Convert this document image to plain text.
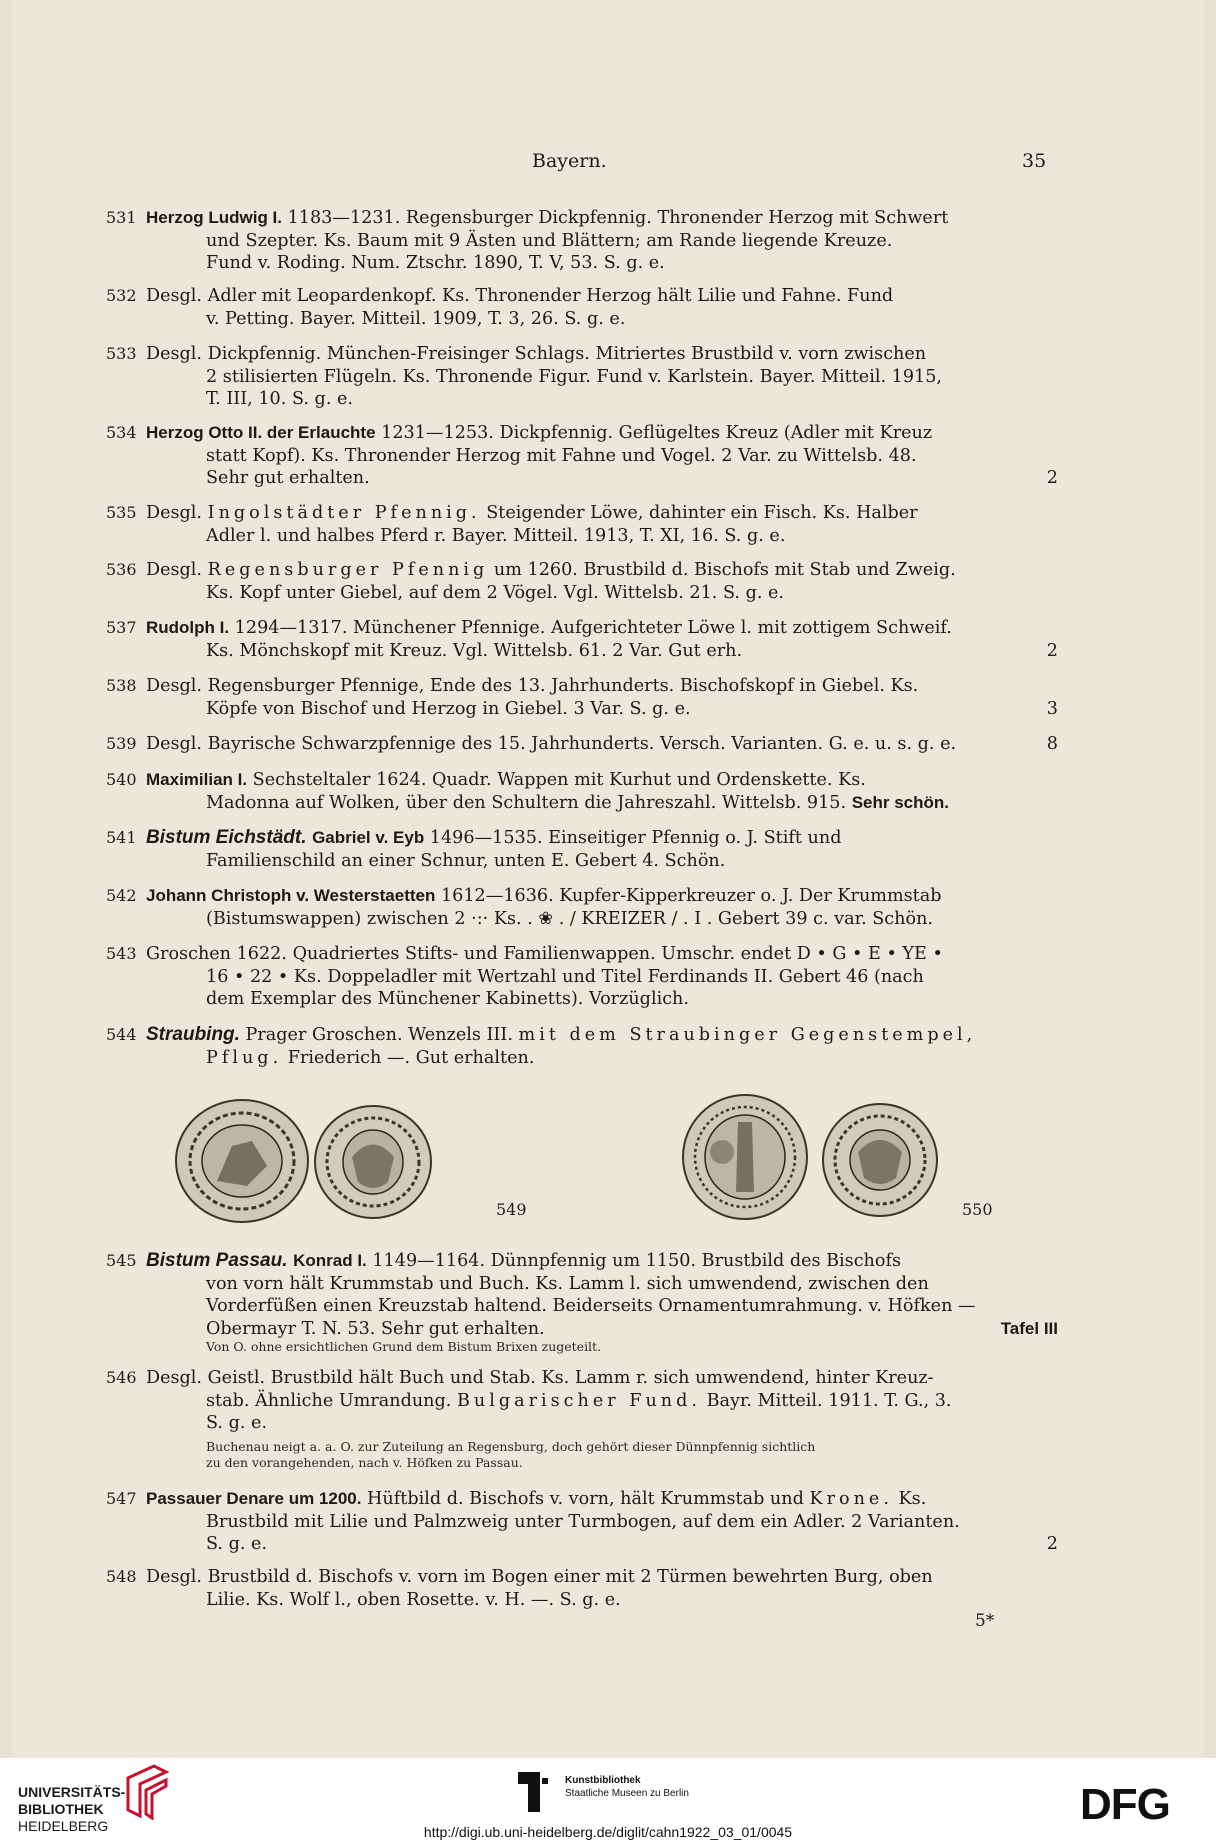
Bayern.	35
531 Herzog Ludwig I. 1183—1231. Regensburger Dickpfennig. Thronender Herzog mit Schwert
und Szepter. Ks. Baum mit 9 Ästen und Blättern; am Rande liegende Kreuze.
Fund v. Roding. Num. Ztschr. 1890, T. V, 53. S. g. e.
532 Desgl. Adler mit Leopardenkopf. Ks. Thronender Herzog hält Lilie und Fahne. Fund
v. Petting. Bayer. Mitteil. 1909, T. 3, 26. S. g. e.
533 Desgl. Dickpfennig. München-Freisinger Schlags. Mitriertes Brustbild v. vorn zwischen
2 stilisierten Flügeln. Ks. Thronende Figur. Fund v. Karlstein. Bayer. Mitteil. 1915,
T. III, 10. S. g. e.
534 Herzog Otto II. der Erlauchte 1231—1253. Dickpfennig. Geflügeltes Kreuz (Adler mit Kreuz
statt Kopf). Ks. Thronender Herzog mit Fahne und Vogel. 2 Var. zu Wittelsb. 48.
Sehr gut erhalten.	2
535 Desgl. Ingolstädter Pfennig. Steigender Löwe, dahinter ein Fisch. Ks. Halber
Adler l. und halbes Pferd r. Bayer. Mitteil. 1913, T. XI, 16. S. g. e.
536 Desgl. Regensburger Pfennig um 1260. Brustbild d. Bischofs mit Stab und Zweig.
Ks. Kopf unter Giebel, auf dem 2 Vögel. Vgl. Wittelsb. 21. S. g. e.
537 Rudolph I. 1294—1317. Münchener Pfennige. Aufgerichteter Löwe l. mit zottigem Schweif.
Ks. Mönchskopf mit Kreuz. Vgl. Wittelsb. 61. 2 Var. Gut erh.	2
538 Desgl. Regensburger Pfennige, Ende des 13. Jahrhunderts. Bischofskopf in Giebel. Ks.
Köpfe von Bischof und Herzog in Giebel. 3 Var. S. g. e.	3
539 Desgl. Bayrische Schwarzpfennige des 15. Jahrhunderts. Versch. Varianten. G. e. u. s. g. e.	8
540 Maximilian I. Sechsteltaler 1624. Quadr. Wappen mit Kurhut und Ordenskette. Ks.
Madonna auf Wolken, über den Schultern die Jahreszahl. Wittelsb. 915. Sehr schön.
541 Bistum Eichstädt. Gabriel v. Eyb 1496—1535. Einseitiger Pfennig o. J. Stift und
Familienschild an einer Schnur, unten E. Gebert 4. Schön.
542 Johann Christoph v. Westerstaetten 1612—1636. Kupfer-Kipperkreuzer o. J. Der Krummstab
(Bistumswappen) zwischen 2 ·:· Ks. . ❀ . / KREIZER / . I . Gebert 39 c. var. Schön.
543 Groschen 1622. Quadriertes Stifts- und Familienwappen. Umschr. endet D • G • E • YE •
16 • 22 • Ks. Doppeladler mit Wertzahl und Titel Ferdinands II. Gebert 46 (nach
dem Exemplar des Münchener Kabinetts). Vorzüglich.
544 Straubing. Prager Groschen. Wenzels III. mit dem Straubinger Gegenstempel,
Pflug. Friederich —. Gut erhalten.
545 Bistum Passau. Konrad I. 1149—1164. Dünnpfennig um 1150. Brustbild des Bischofs
von vorn hält Krummstab und Buch. Ks. Lamm l. sich umwendend, zwischen den
Vorderfüßen einen Kreuzstab haltend. Beiderseits Ornamentumrahmung. v. Höfken —
Obermayr T. N. 53. Sehr gut erhalten.	Tafel III
546 Desgl. Geistl. Brustbild hält Buch und Stab. Ks. Lamm r. sich umwendend, hinter Kreuz-
stab. Ähnliche Umrandung. Bulgarischer Fund. Bayr. Mitteil. 1911. T. G., 3.
S. g. e.
547 Passauer Denare um 1200. Hüftbild d. Bischofs v. vorn, hält Krummstab und Krone. Ks.
Brustbild mit Lilie und Palmzweig unter Turmbogen, auf dem ein Adler. 2 Varianten.
S. g. e.	2
548 Desgl. Brustbild d. Bischofs v. vorn im Bogen einer mit 2 Türmen bewehrten Burg, oben
Lilie. Ks. Wolf l., oben Rosette. v. H. —. S. g. e.
Von O. ohne ersichtlichen Grund dem Bistum Brixen zugeteilt.
Buchenau neigt a. a. O. zur Zuteilung an Regensburg, doch gehört dieser Dünnpfennig sichtlich
zu den vorangehenden, nach v. Höfken zu Passau.
549	550
5*
UNIVERSITÄTS-
BIBLIOTHEK
HEIDELBERG
Kunstbibliothek
Staatliche Museen zu Berlin	DFG
http://digi.ub.uni-heidelberg.de/diglit/cahn1922_03_01/0045
